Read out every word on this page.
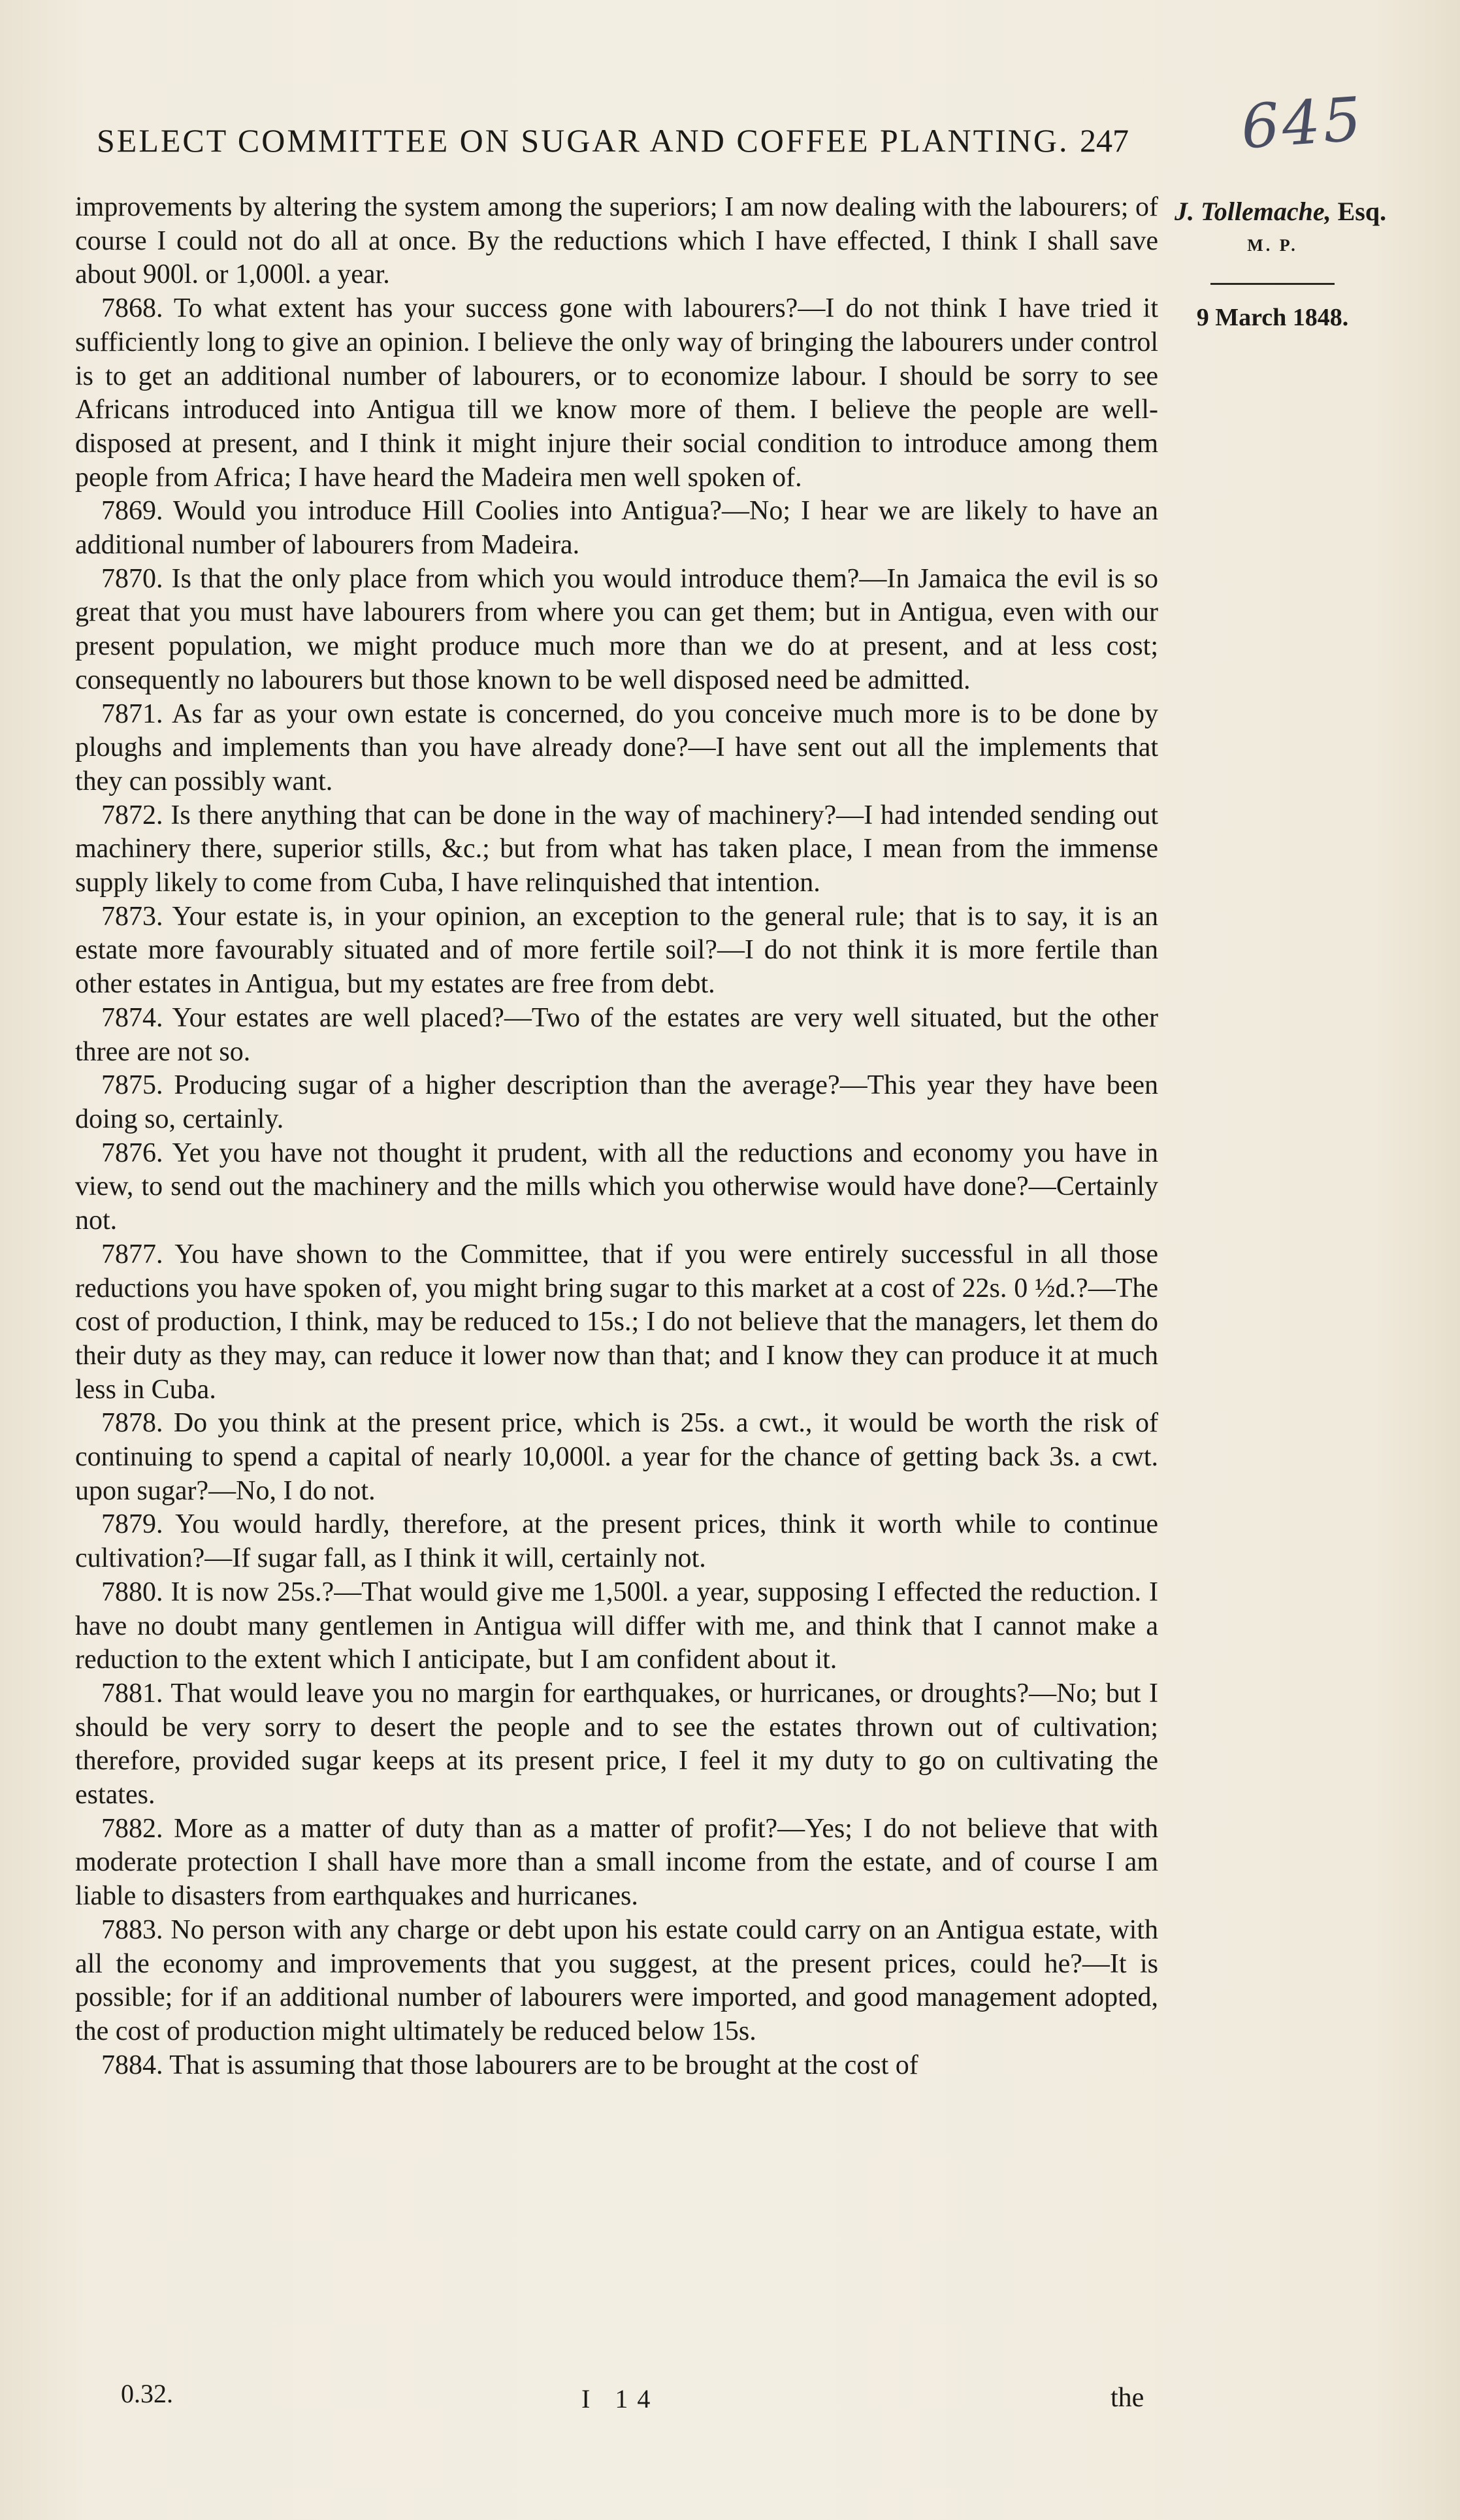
SELECT COMMITTEE ON SUGAR AND COFFEE PLANTING. 247 645
J. Tollemache, Esq.
M. P.
9 March 1848.

improvements by altering the system among the superiors; I am now dealing with the labourers; of course I could not do all at once. By the reductions which I have effected, I think I shall save about 900l. or 1,000l. a year.

7868. To what extent has your success gone with labourers?—I do not think I have tried it sufficiently long to give an opinion. I believe the only way of bringing the labourers under control is to get an additional number of labourers, or to economize labour. I should be sorry to see Africans introduced into Antigua till we know more of them. I believe the people are well-disposed at present, and I think it might injure their social condition to introduce among them people from Africa; I have heard the Madeira men well spoken of.

7869. Would you introduce Hill Coolies into Antigua?—No; I hear we are likely to have an additional number of labourers from Madeira.

7870. Is that the only place from which you would introduce them?—In Jamaica the evil is so great that you must have labourers from where you can get them; but in Antigua, even with our present population, we might produce much more than we do at present, and at less cost; consequently no labourers but those known to be well disposed need be admitted.

7871. As far as your own estate is concerned, do you conceive much more is to be done by ploughs and implements than you have already done?—I have sent out all the implements that they can possibly want.

7872. Is there anything that can be done in the way of machinery?—I had intended sending out machinery there, superior stills, &c.; but from what has taken place, I mean from the immense supply likely to come from Cuba, I have relinquished that intention.

7873. Your estate is, in your opinion, an exception to the general rule; that is to say, it is an estate more favourably situated and of more fertile soil?—I do not think it is more fertile than other estates in Antigua, but my estates are free from debt.

7874. Your estates are well placed?—Two of the estates are very well situated, but the other three are not so.

7875. Producing sugar of a higher description than the average?—This year they have been doing so, certainly.

7876. Yet you have not thought it prudent, with all the reductions and economy you have in view, to send out the machinery and the mills which you otherwise would have done?—Certainly not.

7877. You have shown to the Committee, that if you were entirely successful in all those reductions you have spoken of, you might bring sugar to this market at a cost of 22s. 0 ½d.?—The cost of production, I think, may be reduced to 15s.; I do not believe that the managers, let them do their duty as they may, can reduce it lower now than that; and I know they can produce it at much less in Cuba.

7878. Do you think at the present price, which is 25s. a cwt., it would be worth the risk of continuing to spend a capital of nearly 10,000l. a year for the chance of getting back 3s. a cwt. upon sugar?—No, I do not.

7879. You would hardly, therefore, at the present prices, think it worth while to continue cultivation?—If sugar fall, as I think it will, certainly not.

7880. It is now 25s.?—That would give me 1,500l. a year, supposing I effected the reduction. I have no doubt many gentlemen in Antigua will differ with me, and think that I cannot make a reduction to the extent which I anticipate, but I am confident about it.

7881. That would leave you no margin for earthquakes, or hurricanes, or droughts?—No; but I should be very sorry to desert the people and to see the estates thrown out of cultivation; therefore, provided sugar keeps at its present price, I feel it my duty to go on cultivating the estates.

7882. More as a matter of duty than as a matter of profit?—Yes; I do not believe that with moderate protection I shall have more than a small income from the estate, and of course I am liable to disasters from earthquakes and hurricanes.

7883. No person with any charge or debt upon his estate could carry on an Antigua estate, with all the economy and improvements that you suggest, at the present prices, could he?—It is possible; for if an additional number of labourers were imported, and good management adopted, the cost of production might ultimately be reduced below 15s.

7884. That is assuming that those labourers are to be brought at the cost of

0.32.	I 14	the
